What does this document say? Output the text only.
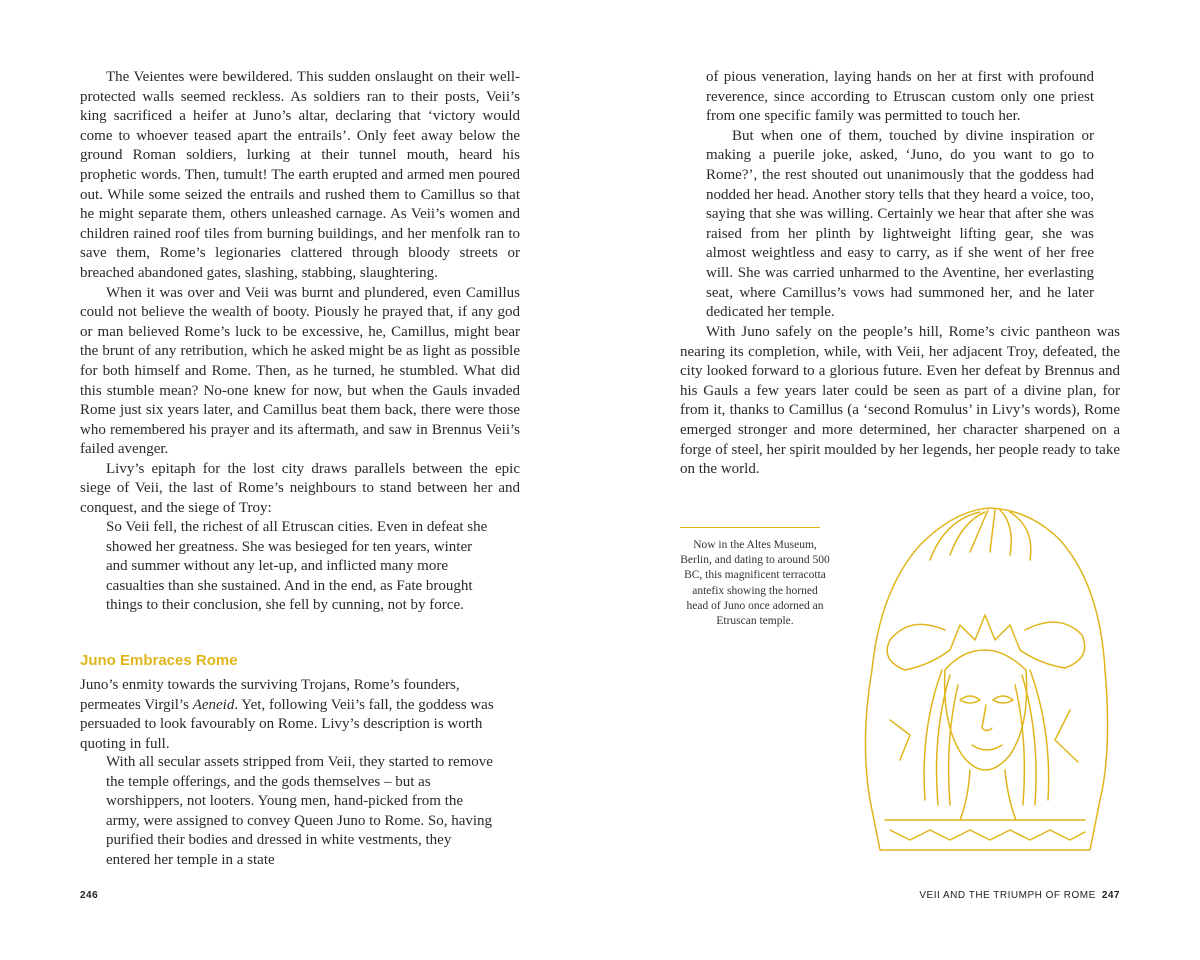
The Veientes were bewildered. This sudden onslaught on their well-protected walls seemed reckless. As soldiers ran to their posts, Veii’s king sacrificed a heifer at Juno’s altar, declaring that ‘victory would come to whoever teased apart the entrails’. Only feet away below the ground Roman soldiers, lurking at their tunnel mouth, heard his prophetic words. Then, tumult! The earth erupted and armed men poured out. While some seized the entrails and rushed them to Camillus so that he might separate them, others unleashed carnage. As Veii’s women and children rained roof tiles from burning buildings, and her menfolk ran to save them, Rome’s legionaries clattered through bloody streets or breached abandoned gates, slashing, stabbing, slaughtering.

When it was over and Veii was burnt and plundered, even Camillus could not believe the wealth of booty. Piously he prayed that, if any god or man believed Rome’s luck to be excessive, he, Camillus, might bear the brunt of any retribution, which he asked might be as light as possible for both himself and Rome. Then, as he turned, he stumbled. What did this stumble mean? No-one knew for now, but when the Gauls invaded Rome just six years later, and Camillus beat them back, there were those who remembered his prayer and its aftermath, and saw in Brennus Veii’s failed avenger.

Livy’s epitaph for the lost city draws parallels between the epic siege of Veii, the last of Rome’s neighbours to stand between her and conquest, and the siege of Troy:

So Veii fell, the richest of all Etruscan cities. Even in defeat she showed her greatness. She was besieged for ten years, winter and summer without any let-up, and inflicted many more casualties than she sustained. And in the end, as Fate brought things to their conclusion, she fell by cunning, not by force.

Juno Embraces Rome

Juno’s enmity towards the surviving Trojans, Rome’s founders, permeates Virgil’s Aeneid. Yet, following Veii’s fall, the goddess was persuaded to look favourably on Rome. Livy’s description is worth quoting in full.

With all secular assets stripped from Veii, they started to remove the temple offerings, and the gods themselves – but as worshippers, not looters. Young men, hand-picked from the army, were assigned to convey Queen Juno to Rome. So, having purified their bodies and dressed in white vestments, they entered her temple in a state

246

of pious veneration, laying hands on her at first with profound reverence, since according to Etruscan custom only one priest from one specific family was permitted to touch her.

But when one of them, touched by divine inspiration or making a puerile joke, asked, ‘Juno, do you want to go to Rome?’, the rest shouted out unanimously that the goddess had nodded her head. Another story tells that they heard a voice, too, saying that she was willing. Certainly we hear that after she was raised from her plinth by lightweight lifting gear, she was almost weightless and easy to carry, as if she went of her free will. She was carried unharmed to the Aventine, her everlasting seat, where Camillus’s vows had summoned her, and he later dedicated her temple.

With Juno safely on the people’s hill, Rome’s civic pantheon was nearing its completion, while, with Veii, her adjacent Troy, defeated, the city looked forward to a glorious future. Even her defeat by Brennus and his Gauls a few years later could be seen as part of a divine plan, for from it, thanks to Camillus (a ‘second Romulus’ in Livy’s words), Rome emerged stronger and more determined, her character sharpened on a forge of steel, her spirit moulded by her legends, her people ready to take on the world.

Now in the Altes Museum, Berlin, and dating to around 500 BC, this magnificent terracotta antefix showing the horned head of Juno once adorned an Etruscan temple.

VEII AND THE TRIUMPH OF ROME 247
